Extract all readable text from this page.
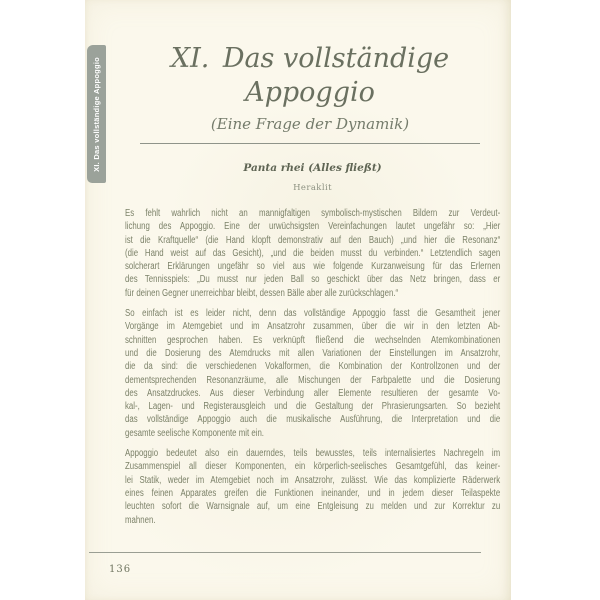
XI. Das vollständige Appoggio	XI. Das vollständige
Appoggio
(Eine Frage der Dynamik)
Panta rhei (Alles fließt)
Heraklit
Es fehlt wahrlich nicht an mannigfaltigen symbolisch-mystischen Bildern zur Verdeut-
lichung des Appoggio. Eine der urwüchsigsten Vereinfachungen lautet ungefähr so: „Hier
ist die Kraftquelle“ (die Hand klopft demonstrativ auf den Bauch) „und hier die Resonanz“
(die Hand weist auf das Gesicht), „und die beiden musst du verbinden.“ Letztendlich sagen
solcherart Erklärungen ungefähr so viel aus wie folgende Kurzanweisung für das Erlernen
des Tennisspiels: „Du musst nur jeden Ball so geschickt über das Netz bringen, dass er
für deinen Gegner unerreichbar bleibt, dessen Bälle aber alle zurückschlagen.“
So einfach ist es leider nicht, denn das vollständige Appoggio fasst die Gesamtheit jener
Vorgänge im Atemgebiet und im Ansatzrohr zusammen, über die wir in den letzten Ab-
schnitten gesprochen haben. Es verknüpft fließend die wechselnden Atemkombinationen
und die Dosierung des Atemdrucks mit allen Variationen der Einstellungen im Ansatzrohr,
die da sind: die verschiedenen Vokalformen, die Kombination der Kontrollzonen und der
dementsprechenden Resonanzräume, alle Mischungen der Farbpalette und die Dosierung
des Ansatzdruckes. Aus dieser Verbindung aller Elemente resultieren der gesamte Vo-
kal-, Lagen- und Registerausgleich und die Gestaltung der Phrasierungsarten. So bezieht
das vollständige Appoggio auch die musikalische Ausführung, die Interpretation und die
gesamte seelische Komponente mit ein.
Appoggio bedeutet also ein dauerndes, teils bewusstes, teils internalisiertes Nachregeln im
Zusammenspiel all dieser Komponenten, ein körperlich-seelisches Gesamtgefühl, das keiner-
lei Statik, weder im Atemgebiet noch im Ansatzrohr, zulässt. Wie das komplizierte Räderwerk
eines feinen Apparates greifen die Funktionen ineinander, und in jedem dieser Teilaspekte
leuchten sofort die Warnsignale auf, um eine Entgleisung zu melden und zur Korrektur zu
mahnen.
136
